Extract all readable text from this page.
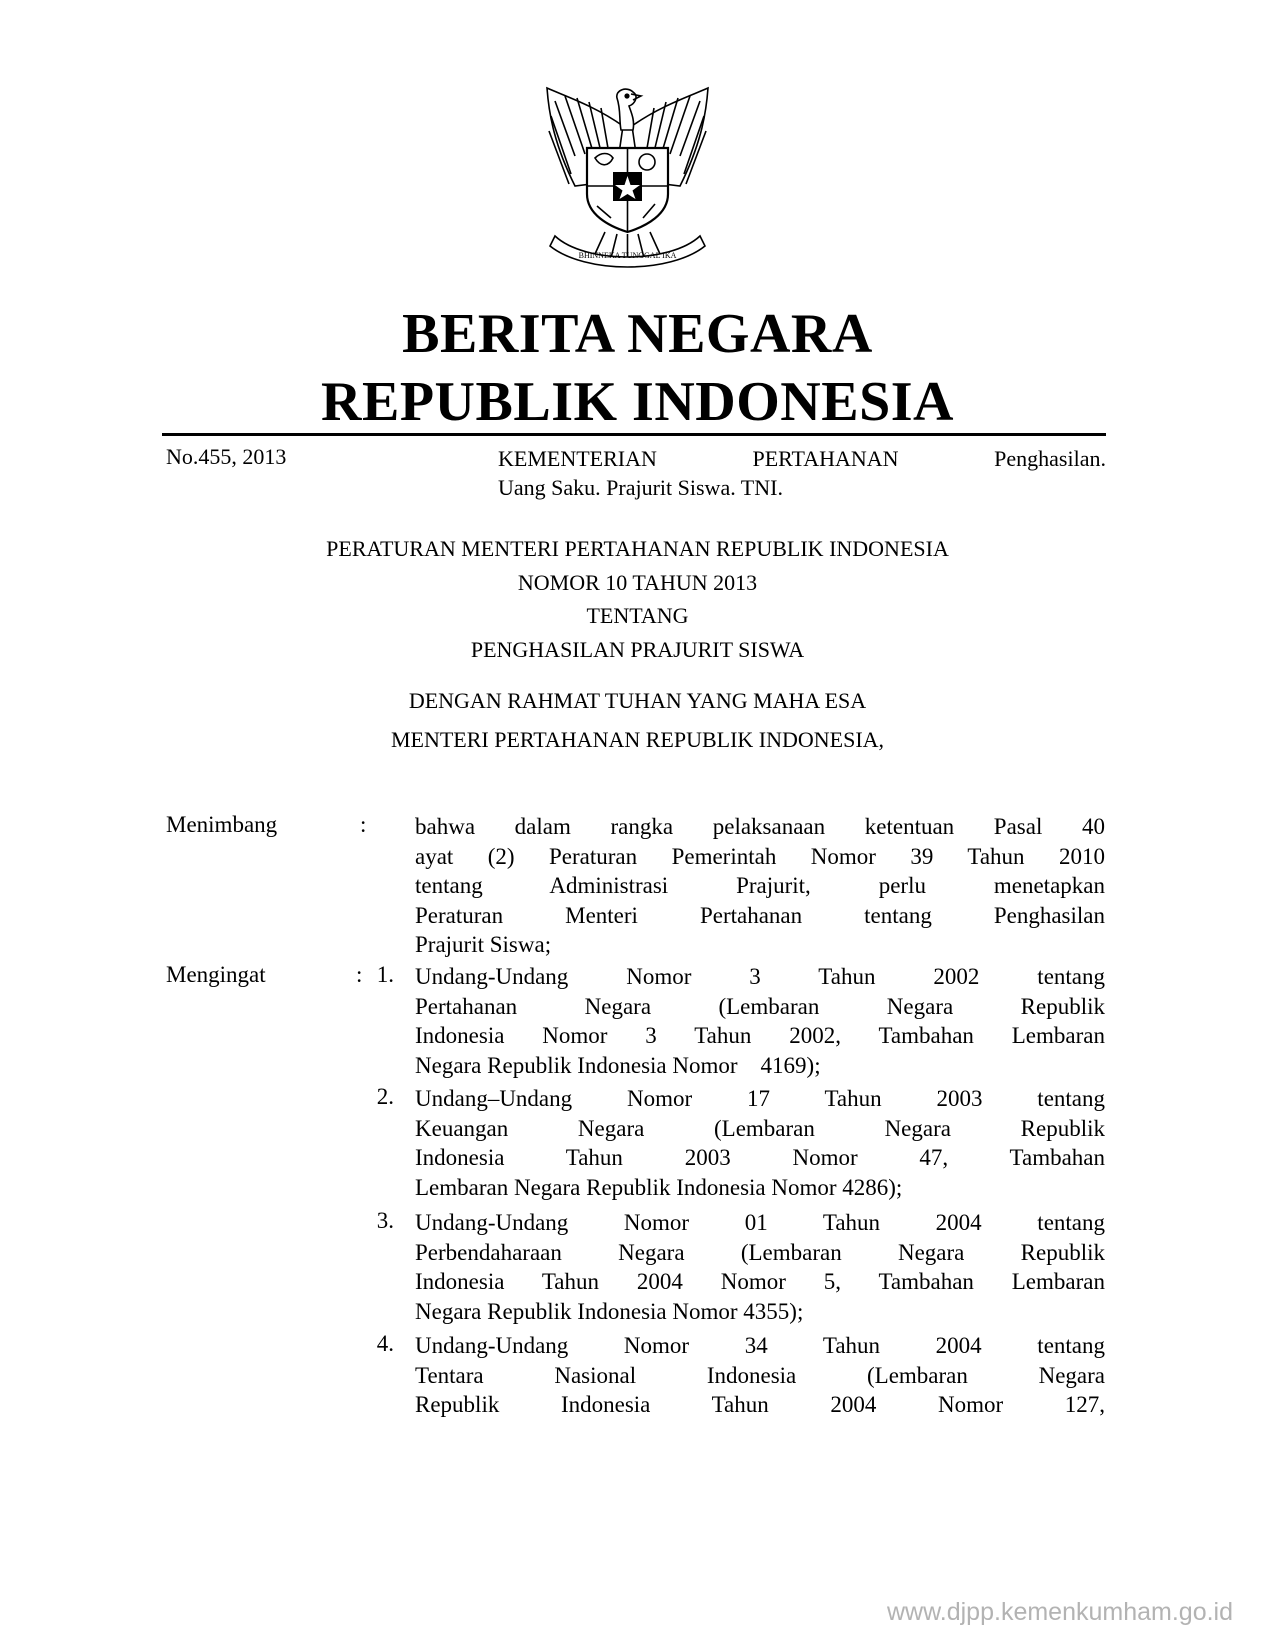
BHINNEKA TUNGGAL IKA
BERITA NEGARA
REPUBLIK INDONESIA
No.455, 2013	KEMENTERIAN	PERTAHANAN	Penghasilan.
Uang Saku. Prajurit Siswa. TNI.
PERATURAN MENTERI PERTAHANAN REPUBLIK INDONESIA
NOMOR 10 TAHUN 2013
TENTANG
PENGHASILAN PRAJURIT SISWA
DENGAN RAHMAT TUHAN YANG MAHA ESA
MENTERI PERTAHANAN REPUBLIK INDONESIA,
Menimbang	: bahwa dalam rangka pelaksanaan ketentuan Pasal 40
ayat (2) Peraturan Pemerintah Nomor 39 Tahun 2010
tentang Administrasi Prajurit, perlu menetapkan
Peraturan Menteri Pertahanan tentang Penghasilan
Prajurit Siswa;
Mengingat	: 1. Undang-Undang Nomor 3 Tahun 2002 tentang
Pertahanan Negara (Lembaran Negara Republik
Indonesia Nomor 3 Tahun 2002, Tambahan Lembaran
Negara Republik Indonesia Nomor    4169);
2. Undang–Undang Nomor 17 Tahun 2003 tentang
Keuangan Negara (Lembaran Negara Republik
Indonesia Tahun 2003 Nomor 47, Tambahan
Lembaran Negara Republik Indonesia Nomor 4286);
3. Undang-Undang Nomor 01 Tahun 2004 tentang
Perbendaharaan Negara (Lembaran Negara Republik
Indonesia Tahun 2004 Nomor 5, Tambahan Lembaran
Negara Republik Indonesia Nomor 4355);
4. Undang-Undang Nomor 34 Tahun 2004 tentang
Tentara Nasional Indonesia (Lembaran Negara
Republik Indonesia Tahun 2004 Nomor 127,
www.djpp.kemenkumham.go.id
